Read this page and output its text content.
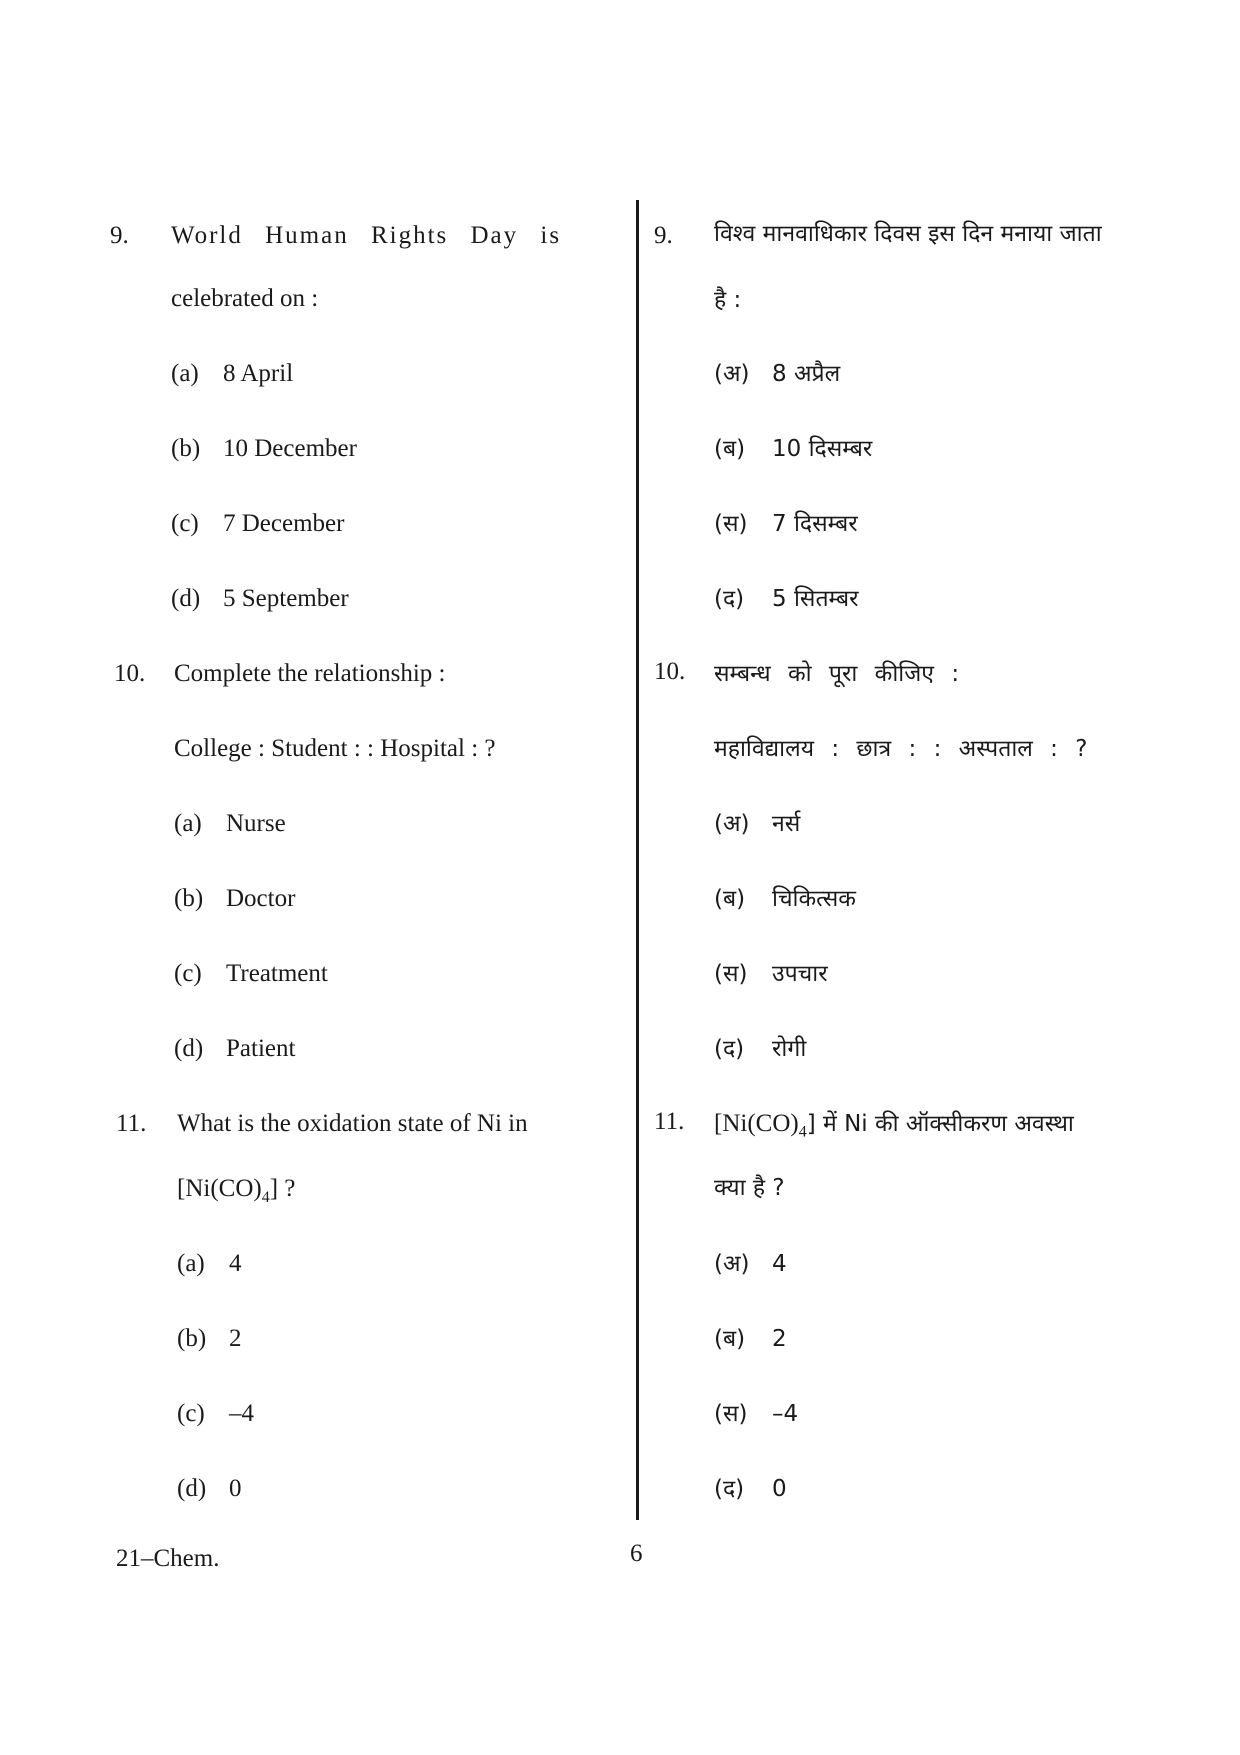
9. World Human Rights Day is
celebrated on :
(a) 8 April
(b) 10 December
(c) 7 December
(d) 5 September
10. Complete the relationship :
College : Student : : Hospital : ?
(a) Nurse
(b) Doctor
(c) Treatment
(d) Patient
11. What is the oxidation state of Ni in
$[Ni(CO)_4]$ ?
(a) 4
(b) 2
(c) –4
(d) 0
9. विश्व मानवाधिकार दिवस इस दिन मनाया जाता
है :
(अ) 8 अप्रैल
(ब) 10 दिसम्बर
(स) 7 दिसम्बर
(द) 5 सितम्बर
10. सम्बन्ध को पूरा कीजिए :
महाविद्यालय : छात्र : : अस्पताल : ?
(अ) नर्स
(ब) चिकित्सक
(स) उपचार
(द) रोगी
11. $[Ni(CO)_4]$ में Ni की ऑक्सीकरण अवस्था
क्या है ?
(अ) 4
(ब) 2
(स) –4
(द) 0
21–Chem.	6
